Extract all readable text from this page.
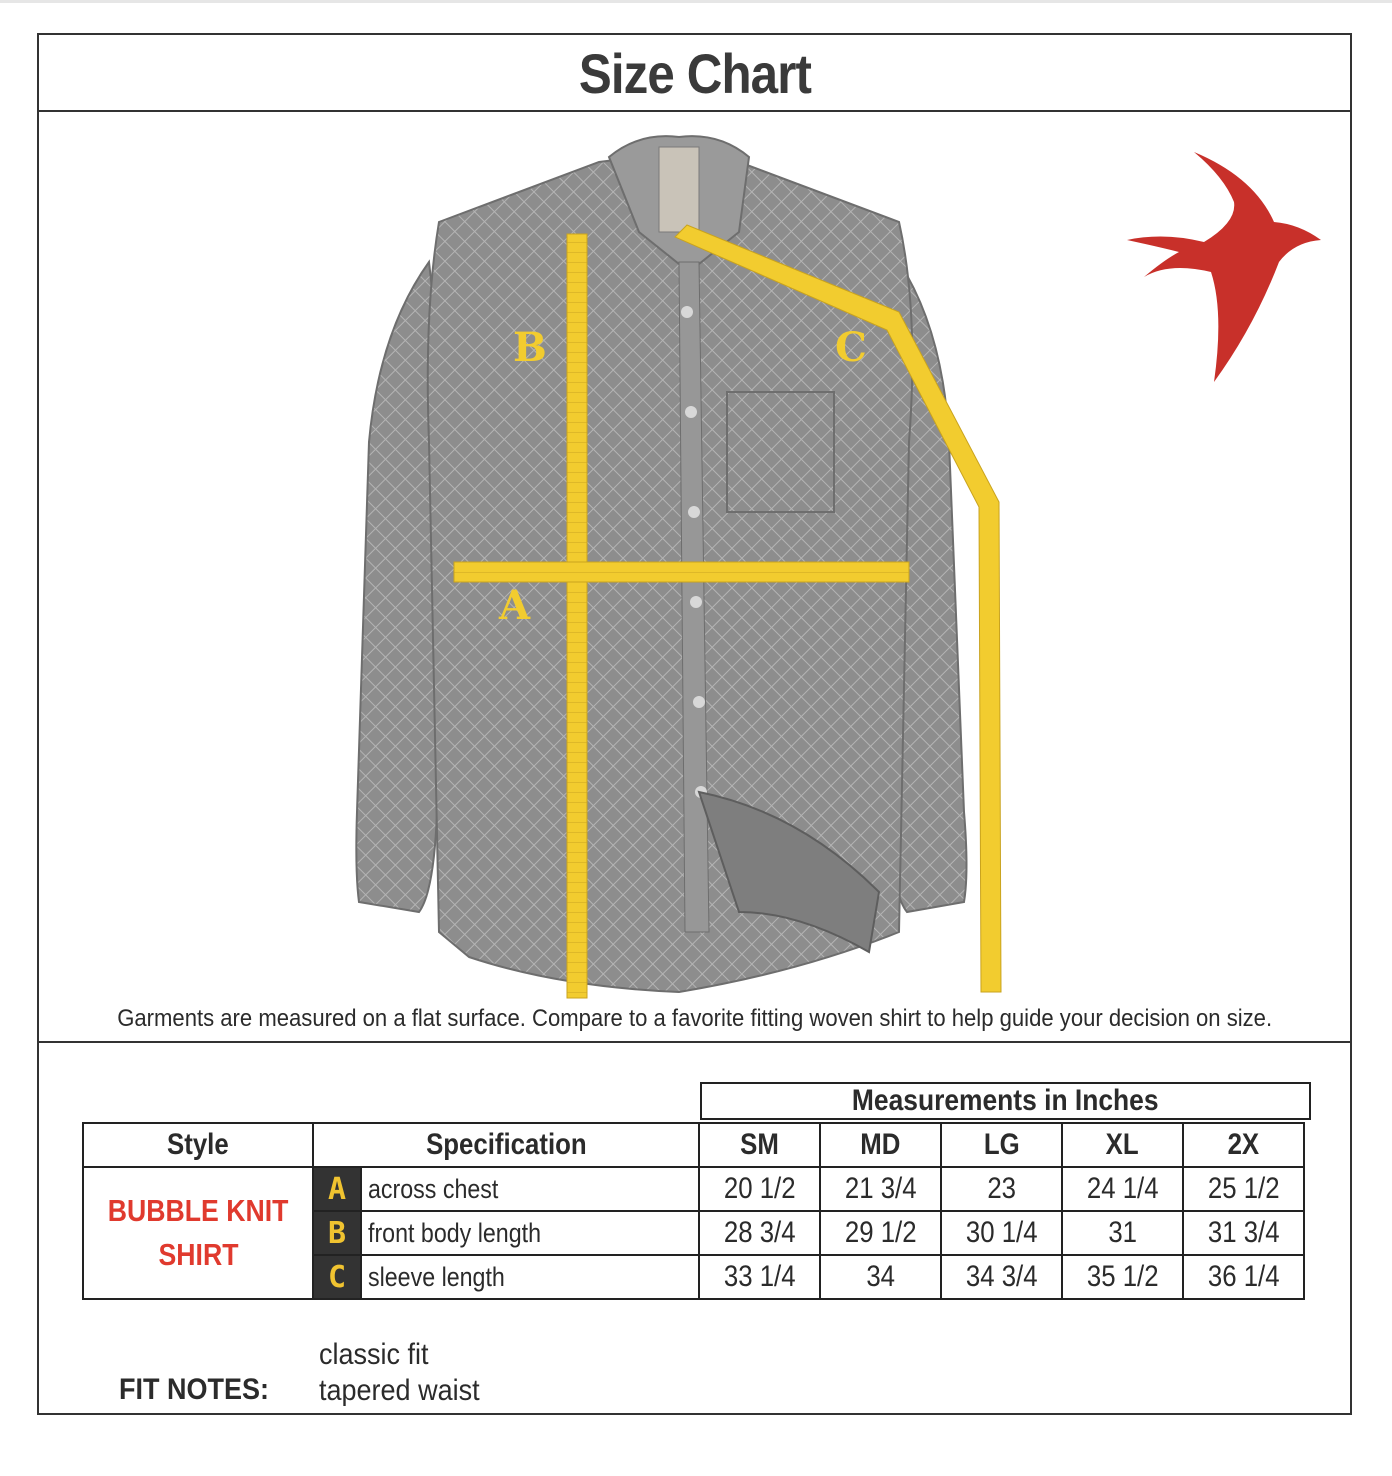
Size Chart
B	C
A
Garments are measured on a flat surface. Compare to a favorite fitting woven shirt to help guide your decision on size.
Measurements in Inches
Style	Specification		SM	MD	LG	XL	2X
BUBBLE KNIT
SHIRT	A	across chest	20 1/2	21 3/4	23	24 1/4	25 1/2
	B	front body length	28 3/4	29 1/2	30 1/4	31	31 3/4
	C	sleeve length	33 1/4	34	34 3/4	35 1/2	36 1/4
FIT NOTES:
classic fit
tapered waist
